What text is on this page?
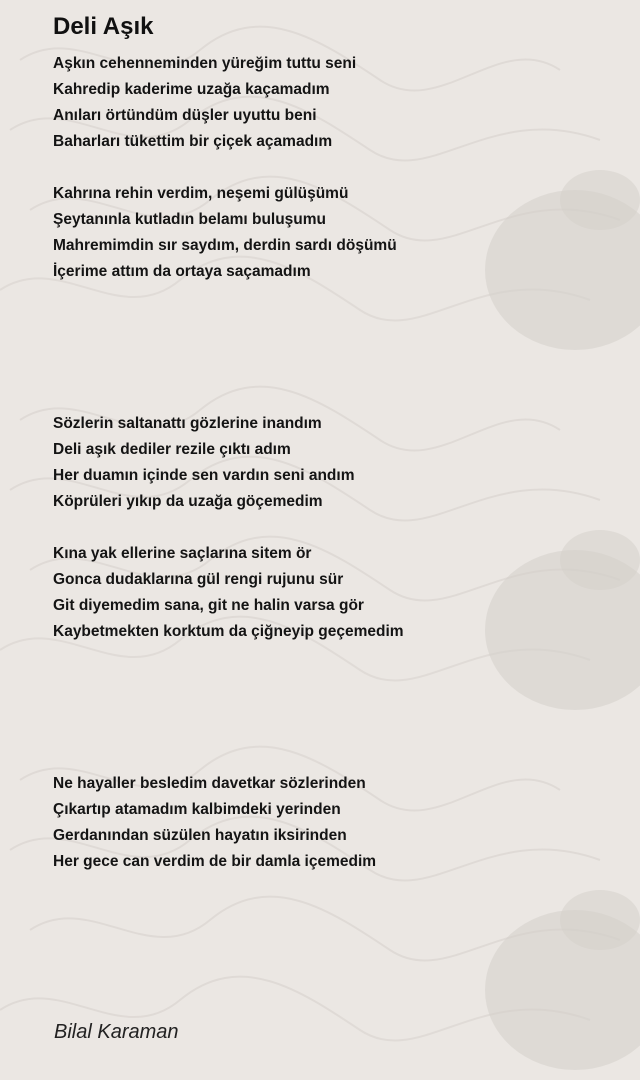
Deli Aşık
Aşkın cehenneminden yüreğim tuttu seni
Kahredip kaderime uzağa kaçamadım
Anıları örtündüm düşler uyuttu beni
Baharları tükettim bir çiçek açamadım
Kahrına rehin verdim, neşemi gülüşümü
Şeytanınla kutladın belamı buluşumu
Mahremimdin sır saydım, derdin sardı döşümü
İçerime attım da ortaya saçamadım
Sözlerin saltanattı gözlerine inandım
Deli aşık dediler rezile çıktı adım
Her duamın içinde sen vardın seni andım
Köprüleri yıkıp da uzağa göçemedim
Kına yak ellerine saçlarına sitem ör
Gonca dudaklarına gül rengi rujunu sür
Git diyemedim sana, git ne halin varsa gör
Kaybetmekten korktum da çiğneyip geçemedim
Ne hayaller besledim davetkar sözlerinden
Çıkartıp atamadım kalbimdeki yerinden
Gerdanından süzülen hayatın iksirinden
Her gece can verdim de bir damla içemedim
Bilal Karaman
